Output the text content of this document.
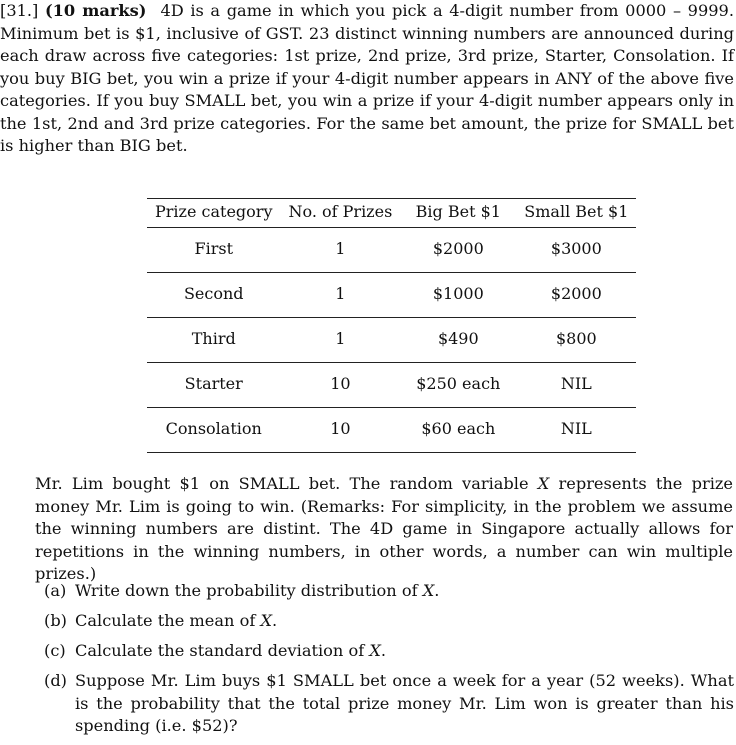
[31.] (10 marks) 4D is a game in which you pick a 4-digit number from 0000 – 9999. Minimum bet is $1, inclusive of GST. 23 distinct winning numbers are announced during each draw across five categories: 1st prize, 2nd prize, 3rd prize, Starter, Consolation. If you buy BIG bet, you win a prize if your 4-digit number appears in ANY of the above five categories. If you buy SMALL bet, you win a prize if your 4-digit number appears only in the 1st, 2nd and 3rd prize categories. For the same bet amount, the prize for SMALL bet is higher than BIG bet.

Prize category	No. of Prizes	Big Bet $1	Small Bet $1
First	1	$2000	$3000
Second	1	$1000	$2000
Third	1	$490	$800
Starter	10	$250 each	NIL
Consolation	10	$60 each	NIL

Mr. Lim bought $1 on SMALL bet. The random variable X represents the prize money Mr. Lim is going to win. (Remarks: For simplicity, in the problem we assume the winning numbers are distint. The 4D game in Singapore actually allows for repetitions in the winning numbers, in other words, a number can win multiple prizes.)

(a) Write down the probability distribution of X.
(b) Calculate the mean of X.
(c) Calculate the standard deviation of X.
(d) Suppose Mr. Lim buys $1 SMALL bet once a week for a year (52 weeks). What is the probability that the total prize money Mr. Lim won is greater than his spending (i.e. $52)?
